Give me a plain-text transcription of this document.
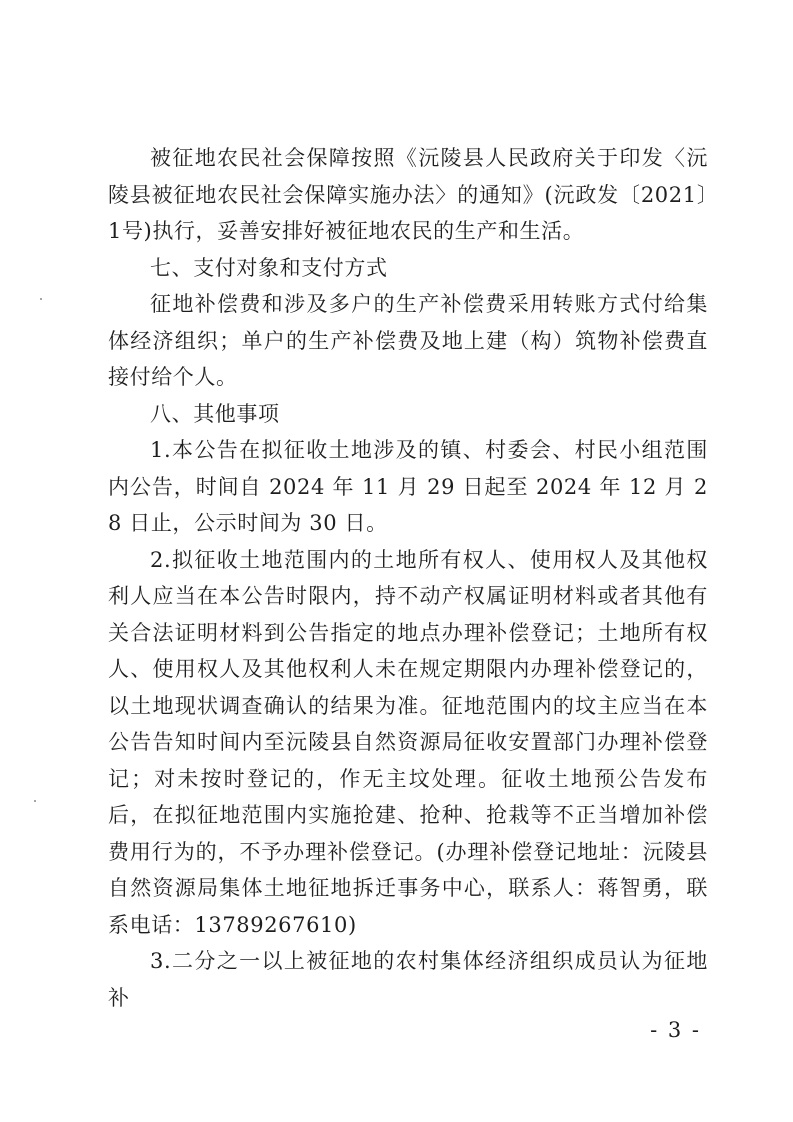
被征地农民社会保障按照《沅陵县人民政府关于印发〈沅陵县被征地农民社会保障实施办法〉的通知》(沅政发〔2021〕1号)执行，妥善安排好被征地农民的生产和生活。

七、支付对象和支付方式

征地补偿费和涉及多户的生产补偿费采用转账方式付给集体经济组织；单户的生产补偿费及地上建（构）筑物补偿费直接付给个人。

八、其他事项

1.本公告在拟征收土地涉及的镇、村委会、村民小组范围内公告，时间自 2024 年 11 月 29 日起至 2024 年 12 月 28 日止，公示时间为 30 日。

2.拟征收土地范围内的土地所有权人、使用权人及其他权利人应当在本公告时限内，持不动产权属证明材料或者其他有关合法证明材料到公告指定的地点办理补偿登记；土地所有权人、使用权人及其他权利人未在规定期限内办理补偿登记的，以土地现状调查确认的结果为准。征地范围内的坟主应当在本公告告知时间内至沅陵县自然资源局征收安置部门办理补偿登记；对未按时登记的，作无主坟处理。征收土地预公告发布后，在拟征地范围内实施抢建、抢种、抢栽等不正当增加补偿费用行为的，不予办理补偿登记。(办理补偿登记地址：沅陵县自然资源局集体土地征地拆迁事务中心，联系人：蒋智勇，联系电话：13789267610)

3.二分之一以上被征地的农村集体经济组织成员认为征地补

- 3 -
